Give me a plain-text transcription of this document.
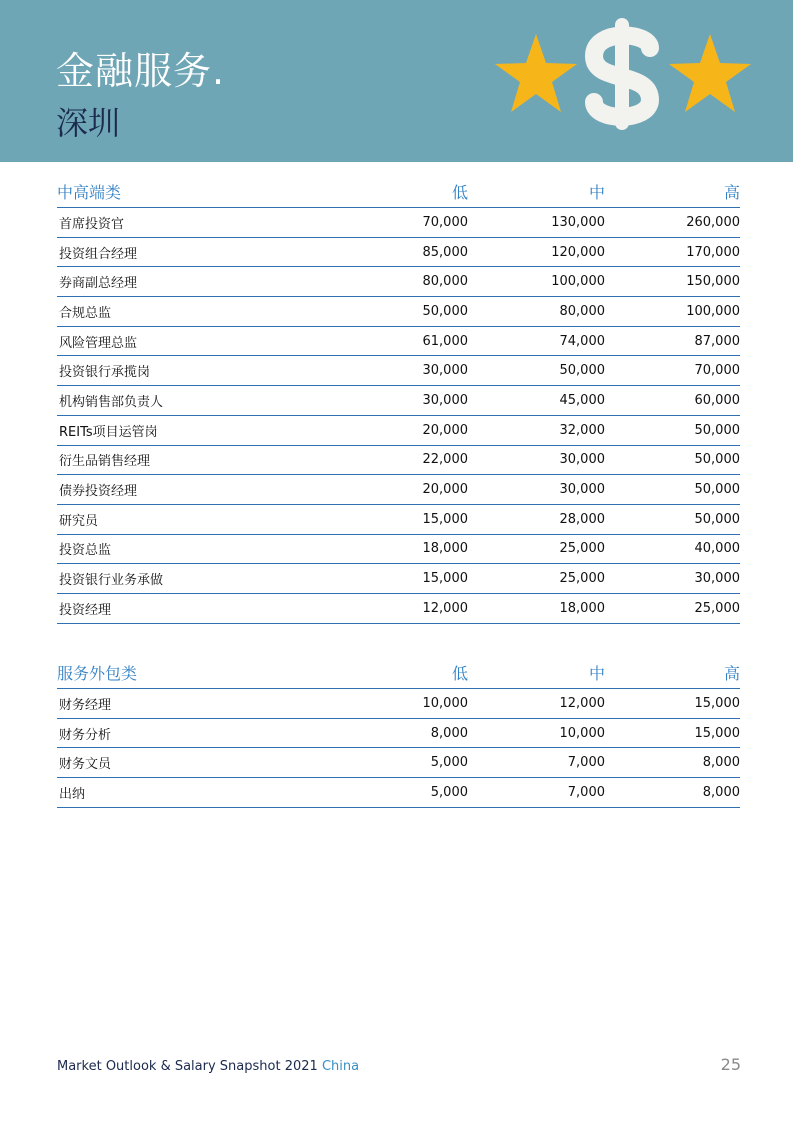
金融服务.
深圳
中高端类	低	中	高
首席投资官	70,000	130,000	260,000
投资组合经理	85,000	120,000	170,000
券商副总经理	80,000	100,000	150,000
合规总监	50,000	80,000	100,000
风险管理总监	61,000	74,000	87,000
投资银行承揽岗	30,000	50,000	70,000
机构销售部负责人	30,000	45,000	60,000
REITs项目运管岗	20,000	32,000	50,000
衍生品销售经理	22,000	30,000	50,000
债券投资经理	20,000	30,000	50,000
研究员	15,000	28,000	50,000
投资总监	18,000	25,000	40,000
投资银行业务承做	15,000	25,000	30,000
投资经理	12,000	18,000	25,000
服务外包类	低	中	高
财务经理	10,000	12,000	15,000
财务分析	8,000	10,000	15,000
财务文员	5,000	7,000	8,000
出纳	5,000	7,000	8,000
Market Outlook & Salary Snapshot 2021 China	25
